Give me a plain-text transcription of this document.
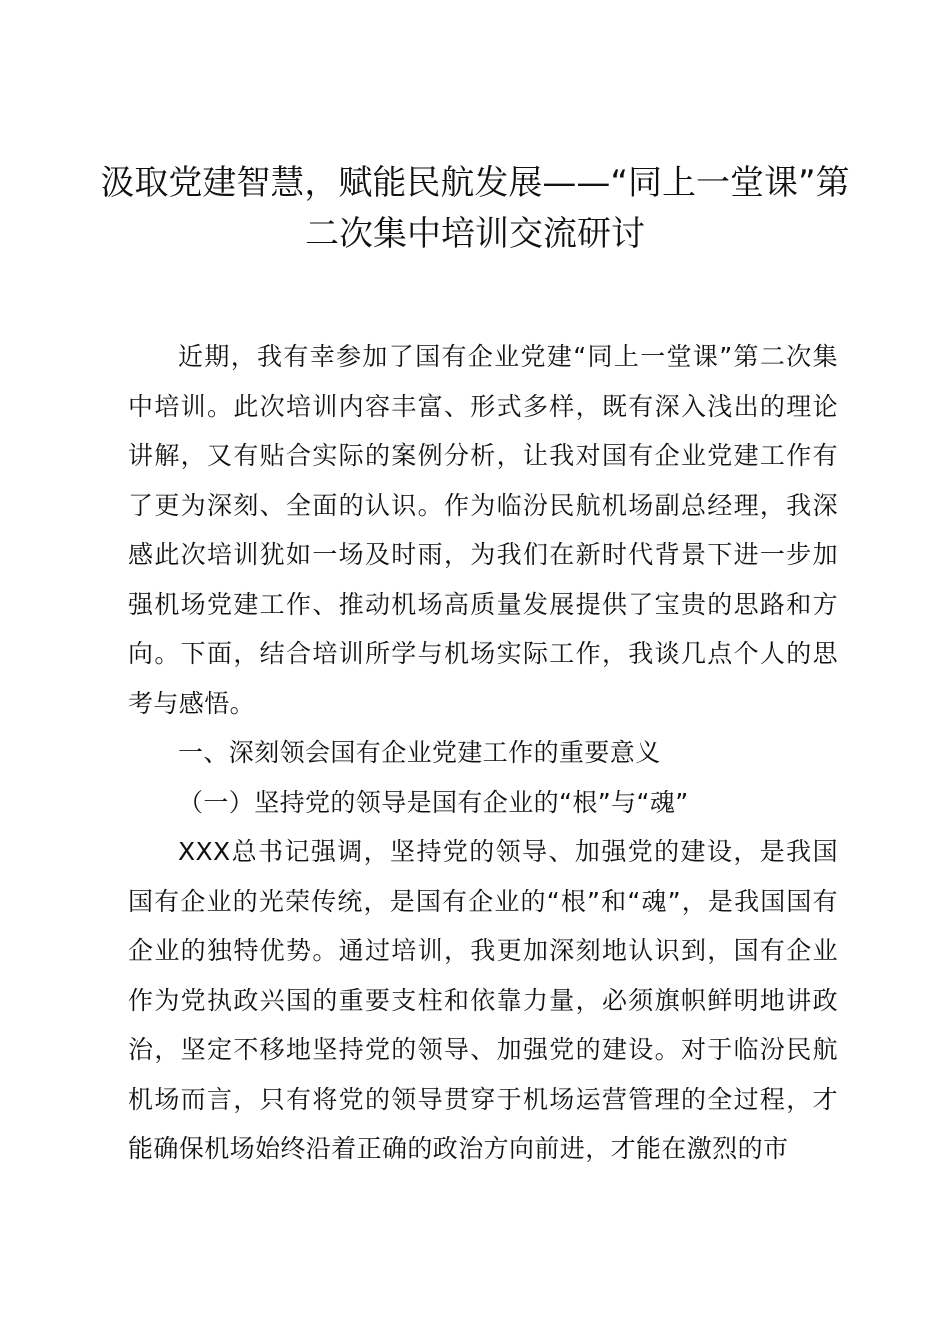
汲取党建智慧，赋能民航发展——“同上一堂课”第二次集中培训交流研讨

近期，我有幸参加了国有企业党建“同上一堂课”第二次集中培训。此次培训内容丰富、形式多样，既有深入浅出的理论讲解，又有贴合实际的案例分析，让我对国有企业党建工作有了更为深刻、全面的认识。作为临汾民航机场副总经理，我深感此次培训犹如一场及时雨，为我们在新时代背景下进一步加强机场党建工作、推动机场高质量发展提供了宝贵的思路和方向。下面，结合培训所学与机场实际工作，我谈几点个人的思考与感悟。

一、深刻领会国有企业党建工作的重要意义

（一）坚持党的领导是国有企业的“根”与“魂”

XXX总书记强调，坚持党的领导、加强党的建设，是我国国有企业的光荣传统，是国有企业的“根”和“魂”，是我国国有企业的独特优势。通过培训，我更加深刻地认识到，国有企业作为党执政兴国的重要支柱和依靠力量，必须旗帜鲜明地讲政治，坚定不移地坚持党的领导、加强党的建设。对于临汾民航机场而言，只有将党的领导贯穿于机场运营管理的全过程，才能确保机场始终沿着正确的政治方向前进，才能在激烈的市
